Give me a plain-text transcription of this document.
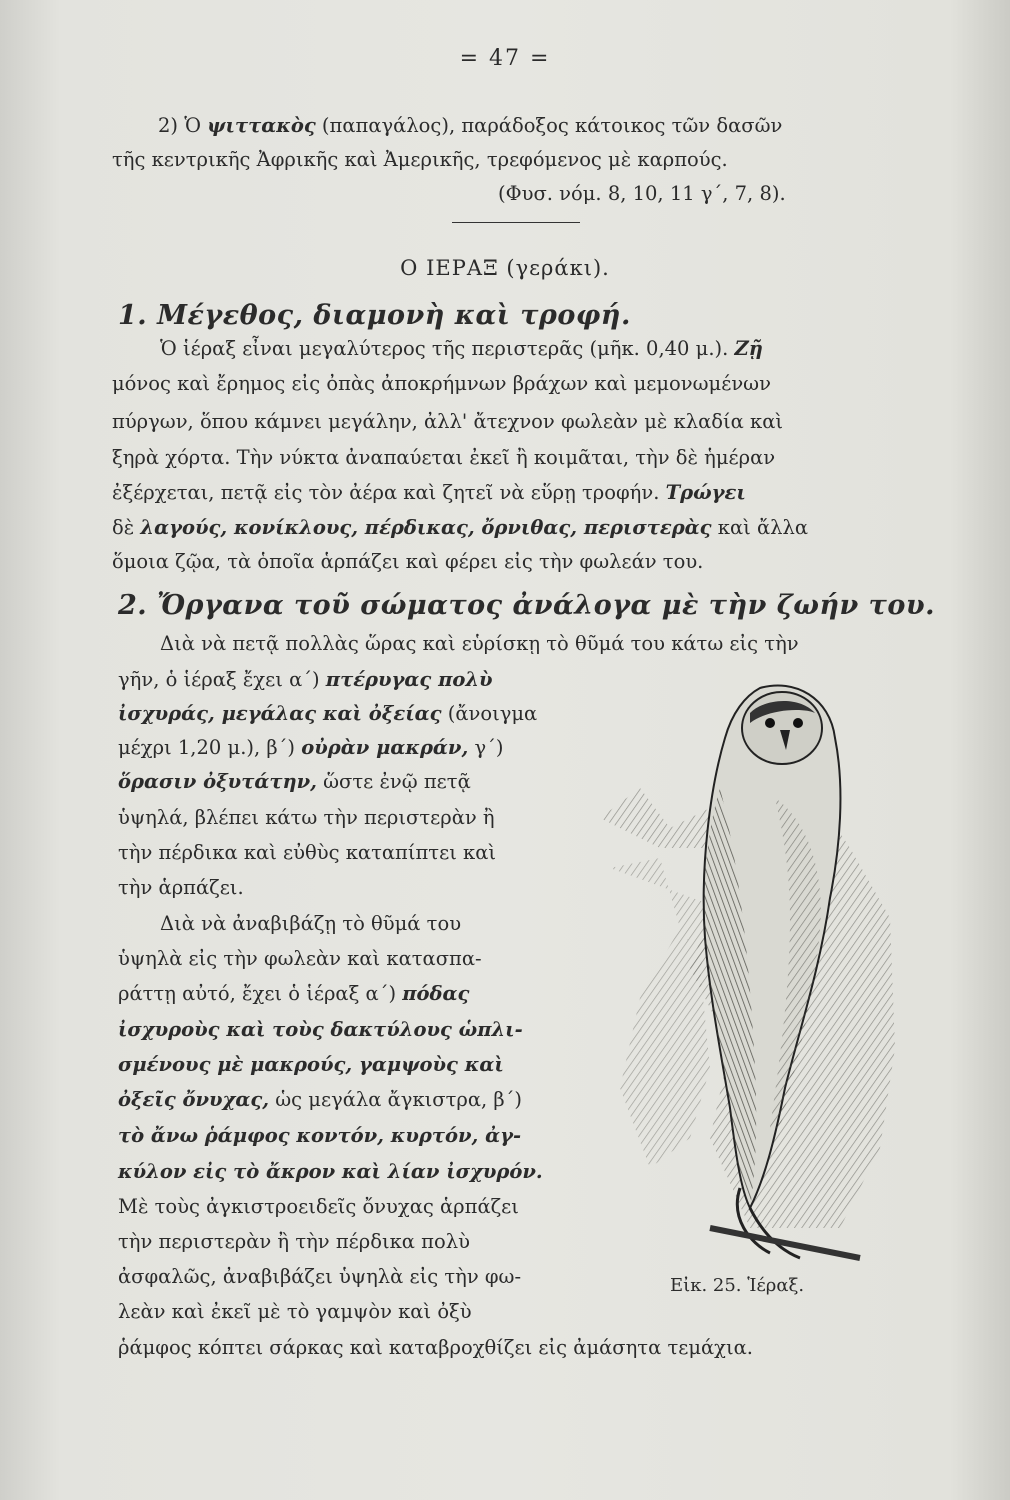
= 47 =
2) Ὁ ψιττακὸς (παπαγάλος), παράδοξος κάτοικος τῶν δασῶν
τῆς κεντρικῆς Ἀφρικῆς καὶ Ἀμερικῆς, τρεφόμενος μὲ καρπούς.
(Φυσ. νόμ. 8, 10, 11 γ΄, 7, 8).
Ο ΙΕΡΑΞ (γεράκι).
1. Μέγεθος, διαμονὴ καὶ τροφή.
Ὁ ἱέραξ εἶναι μεγαλύτερος τῆς περιστερᾶς (μῆκ. 0,40 μ.). Ζῇ
μόνος καὶ ἔρημος εἰς ὀπὰς ἀποκρήμνων βράχων καὶ μεμονωμένων
πύργων, ὅπου κάμνει μεγάλην, ἀλλ' ἄτεχνον φωλεὰν μὲ κλαδία καὶ
ξηρὰ χόρτα. Τὴν νύκτα ἀναπαύεται ἐκεῖ ἢ κοιμᾶται, τὴν δὲ ἡμέραν
ἐξέρχεται, πετᾷ εἰς τὸν ἀέρα καὶ ζητεῖ νὰ εὕρῃ τροφήν. Τρώγει
δὲ λαγούς, κονίκλους, πέρδικας, ὄρνιθας, περιστερὰς καὶ ἄλλα
ὅμοια ζῷα, τὰ ὁποῖα ἁρπάζει καὶ φέρει εἰς τὴν φωλεάν του.
2. Ὄργανα τοῦ σώματος ἀνάλογα μὲ τὴν ζωήν του.
Διὰ νὰ πετᾷ πολλὰς ὥρας καὶ εὑρίσκῃ τὸ θῦμά του κάτω εἰς τὴν
γῆν, ὁ ἱέραξ ἔχει α΄) πτέρυγας πολὺ
ἰσχυράς, μεγάλας καὶ ὀξείας (ἄνοιγμα
μέχρι 1,20 μ.), β΄) οὐρὰν μακράν, γ΄)
ὅρασιν ὀξυτάτην, ὥστε ἐνῷ πετᾷ
ὑψηλά, βλέπει κάτω τὴν περιστερὰν ἢ
τὴν πέρδικα καὶ εὐθὺς καταπίπτει καὶ
τὴν ἁρπάζει.
Διὰ νὰ ἀναβιβάζῃ τὸ θῦμά του
ὑψηλὰ εἰς τὴν φωλεὰν καὶ κατασπα-
ράττῃ αὐτό, ἔχει ὁ ἱέραξ α΄) πόδας
ἰσχυροὺς καὶ τοὺς δακτύλους ὡπλι-
σμένους μὲ μακρούς, γαμψοὺς καὶ
ὀξεῖς ὄνυχας, ὡς μεγάλα ἄγκιστρα, β΄)
τὸ ἄνω ῥάμφος κοντόν, κυρτόν, ἀγ-
κύλον εἰς τὸ ἄκρον καὶ λίαν ἰσχυρόν.
Μὲ τοὺς ἀγκιστροειδεῖς ὄνυχας ἁρπάζει
τὴν περιστερὰν ἢ τὴν πέρδικα πολὺ
ἀσφαλῶς, ἀναβιβάζει ὑψηλὰ εἰς τὴν φω-
λεὰν καὶ ἐκεῖ μὲ τὸ γαμψὸν καὶ ὀξὺ
ῥάμφος κόπτει σάρκας καὶ καταβροχθίζει εἰς ἀμάσητα τεμάχια.
Εἰκ. 25. Ἱέραξ.
